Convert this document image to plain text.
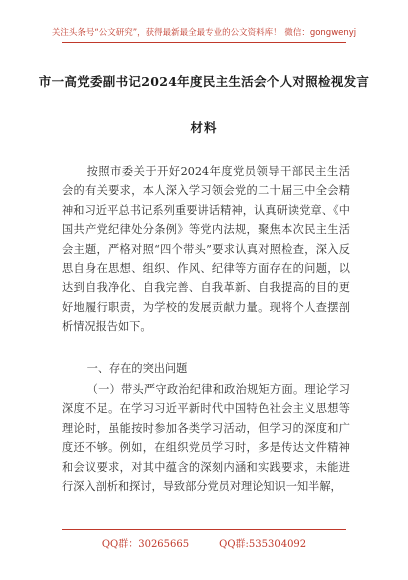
关注头条号“公文研究”，获得最新最全最专业的公文资料库！ 微信：gongwenyj
市一高党委副书记2024年度民主生活会个人对照检视发言
材料
按照市委关于开好2024年度党员领导干部民主生活会的有关要求，本人深入学习领会党的二十届三中全会精神和习近平总书记系列重要讲话精神，认真研读党章、《中国共产党纪律处分条例》等党内法规，聚焦本次民主生活会主题，严格对照“四个带头”要求认真对照检查，深入反思自身在思想、组织、作风、纪律等方面存在的问题，以达到自我净化、自我完善、自我革新、自我提高的目的更好地履行职责，为学校的发展贡献力量。现将个人查摆剖析情况报告如下。
一、存在的突出问题
（一）带头严守政治纪律和政治规矩方面。理论学习深度不足。在学习习近平新时代中国特色社会主义思想等理论时，虽能按时参加各类学习活动，但学习的深度和广度还不够。例如，在组织党员学习时，多是传达文件精神和会议要求，对其中蕴含的深刻内涵和实践要求，未能进行深入剖析和探讨，导致部分党员对理论知识一知半解，
QQ群：30265665	QQ群:535304092
